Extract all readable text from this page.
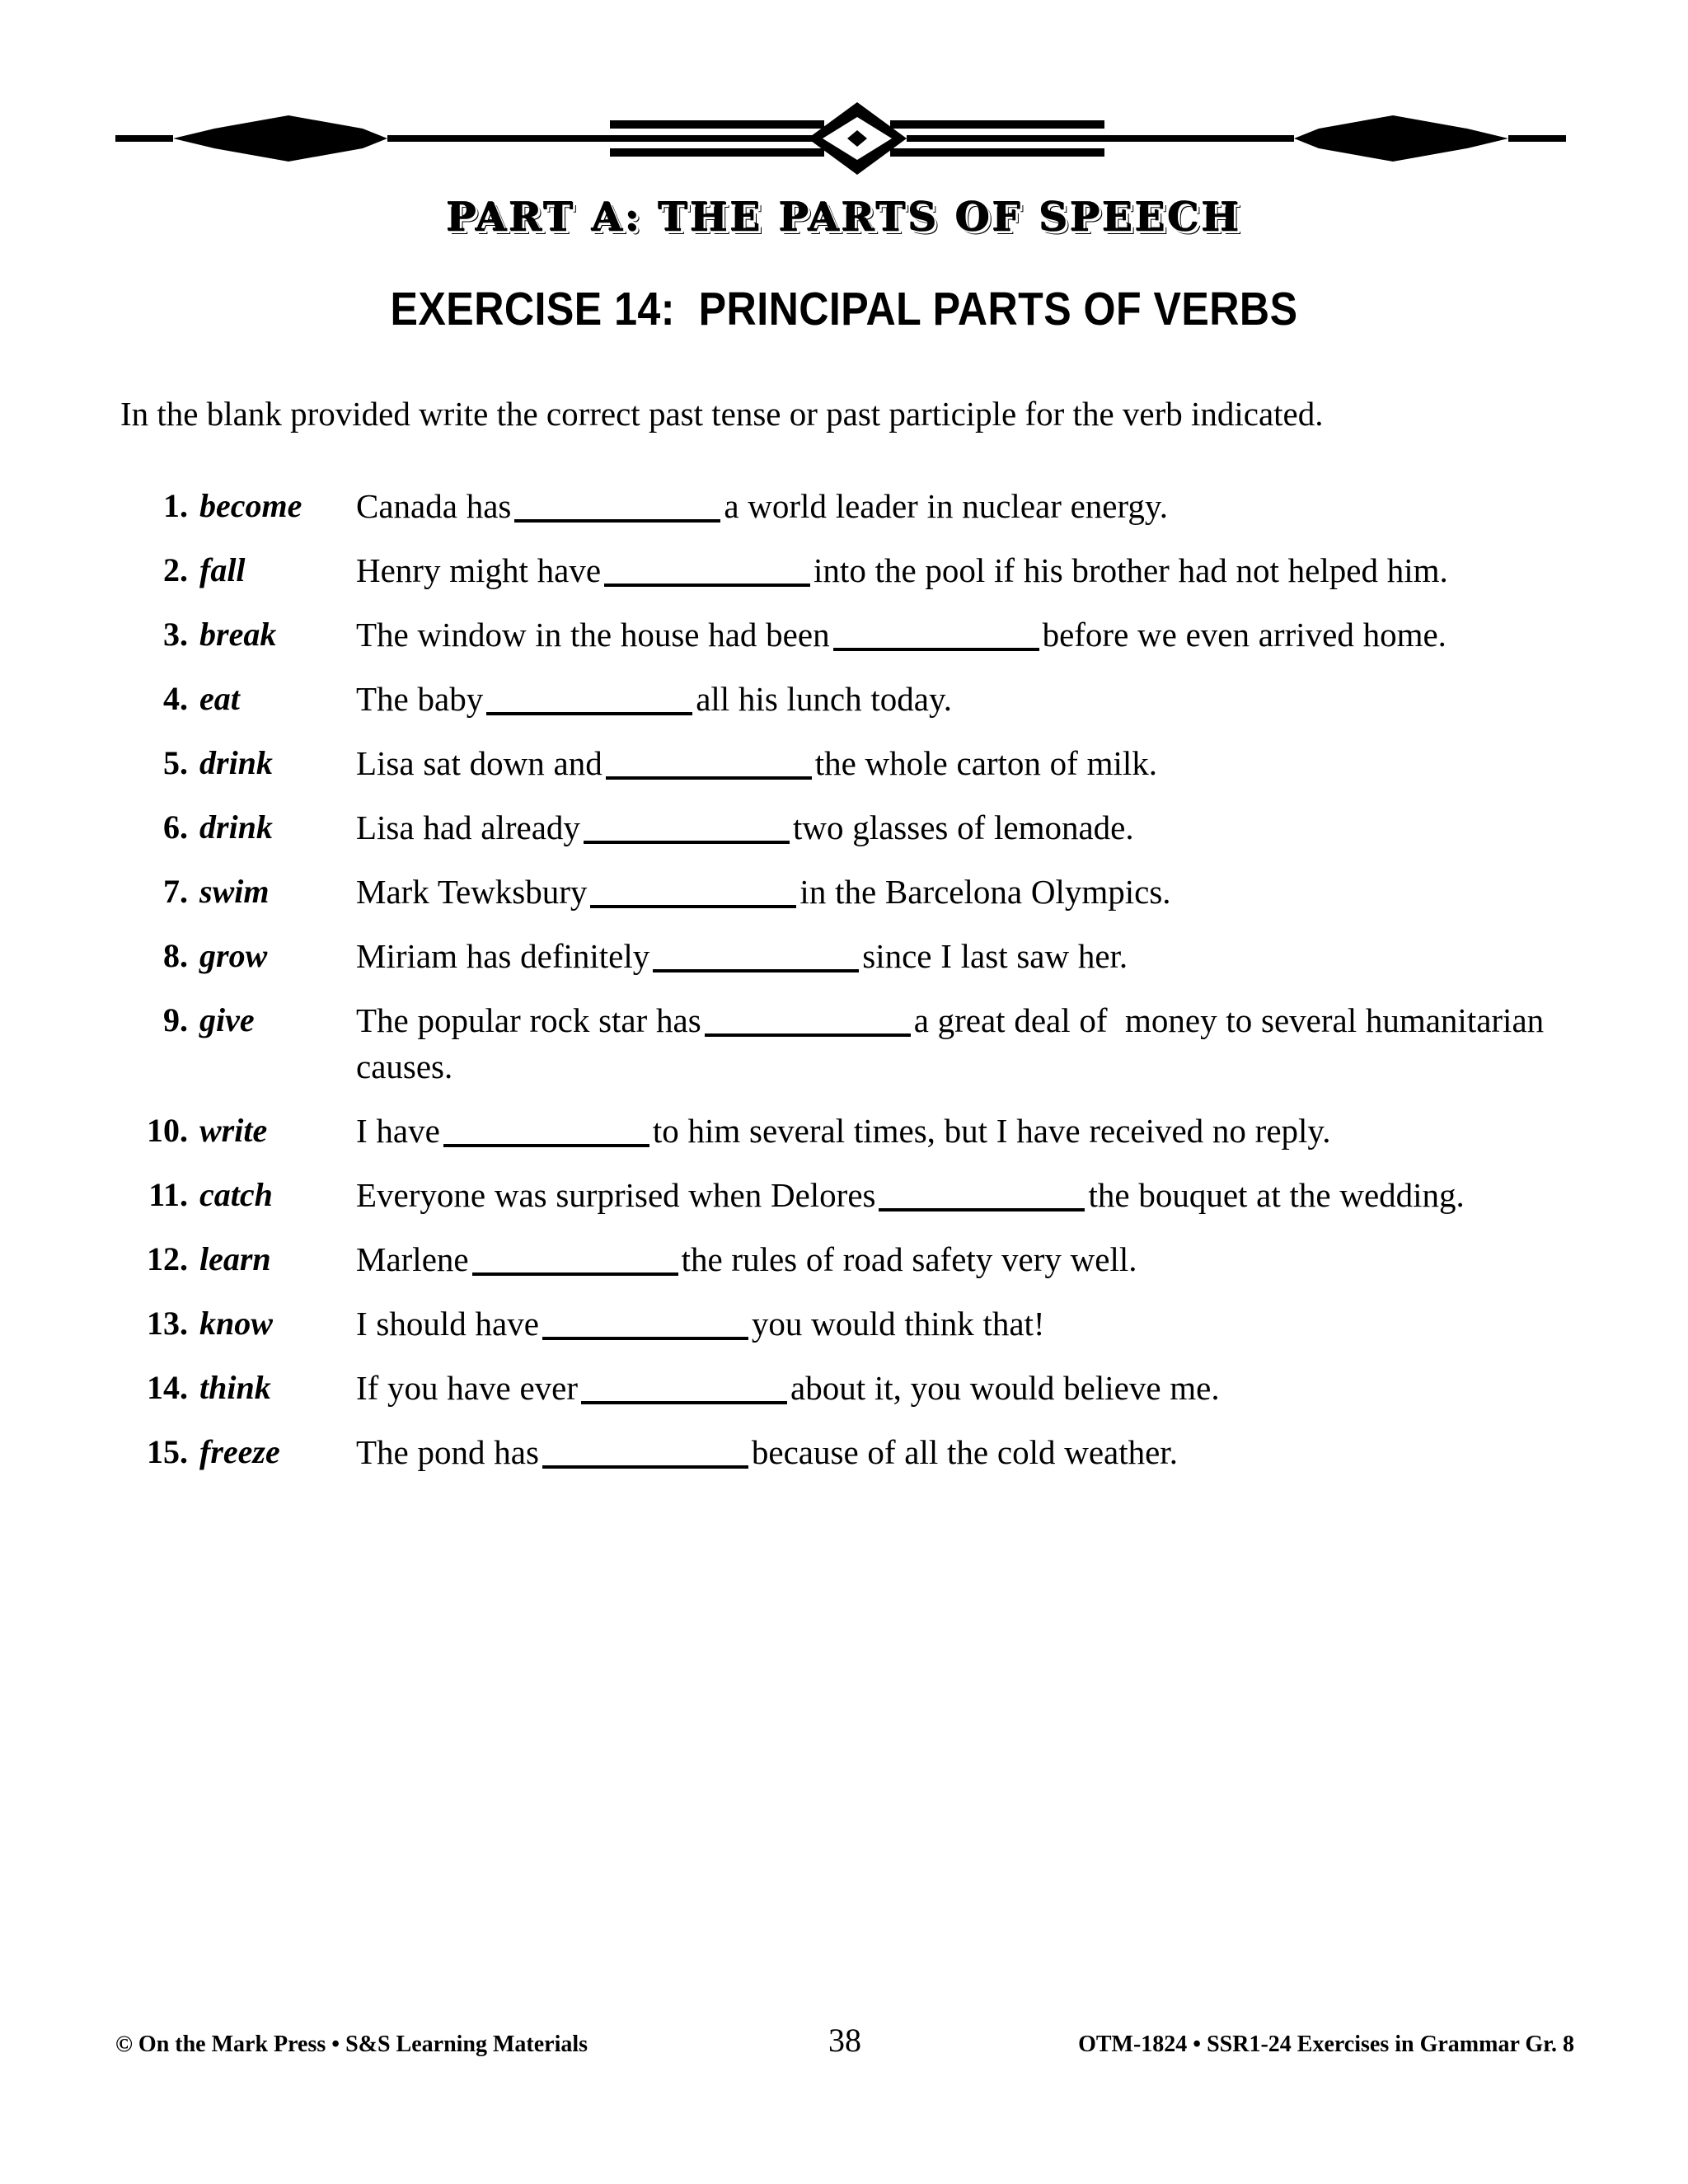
PART A: THE PARTS OF SPEECH
EXERCISE 14:  PRINCIPAL PARTS OF VERBS
In the blank provided write the correct past tense or past participle for the verb indicated.
1. become	Canada has	a world leader in nuclear energy.
2. fall	Henry might have	into the pool if his brother had not helped him.
3. break	The window in the house had been	before we even arrived home.
4. eat	The baby	all his lunch today.
5. drink	Lisa sat down and	the whole carton of milk.
6. drink	Lisa had already	two glasses of lemonade.
7. swim	Mark Tewksbury	in the Barcelona Olympics.
8. grow	Miriam has definitely	since I last saw her.
9. give	The popular rock star has	a great deal of  money to several humanitarian causes.
10. write	I have	to him several times, but I have received no reply.
11. catch	Everyone was surprised when Delores	the bouquet at the wedding.
12. learn	Marlene	the rules of road safety very well.
13. know	I should have	you would think that!
14. think	If you have ever	about it, you would believe me.
15. freeze	The pond has	because of all the cold weather.
© On the Mark Press • S&S Learning Materials	38	OTM-1824 • SSR1-24 Exercises in Grammar Gr. 8
